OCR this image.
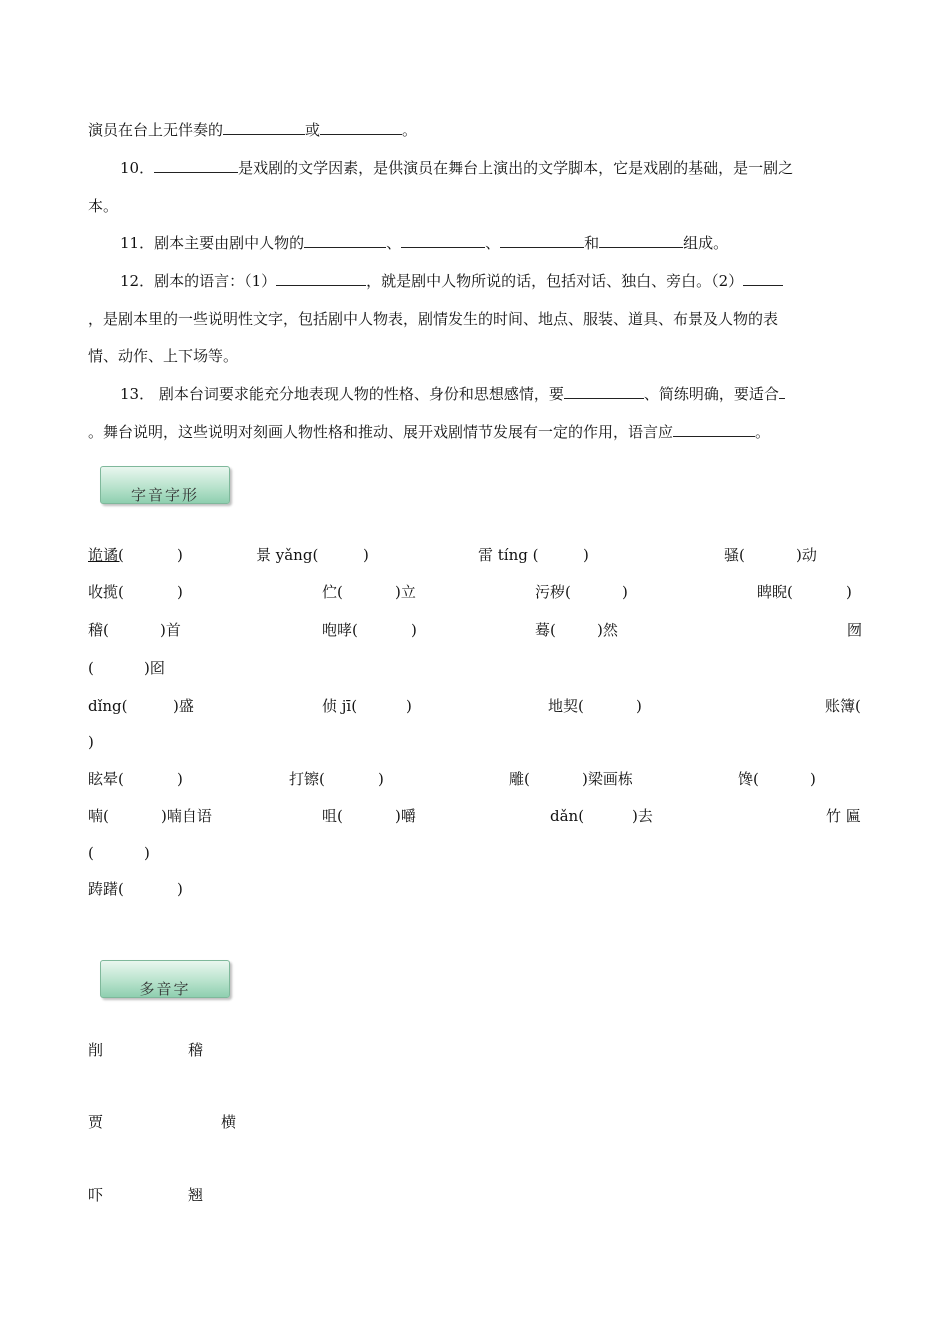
演员在台上无伴奏的	或	。
10．	是戏剧的文学因素，是供演员在舞台上演出的文学脚本，它是戏剧的基础，是一剧之
本。
11．剧本主要由剧中人物的	、	、	和	组成。
12．剧本的语言：（1）	，就是剧中人物所说的话，包括对话、独白、旁白。（2）
，是剧本里的一些说明性文字，包括剧中人物表，剧情发生的时间、地点、服装、道具、布景及人物的表
情、动作、上下场等。
13． 剧本台词要求能充分地表现人物的性格、身份和思想感情，要	、简练明确，要适合
。舞台说明，这些说明对刻画人物性格和推动、展开戏剧情节发展有一定的作用，语言应	。
字音字形
诡谲(	)	景 yǎng(	)	雷 tíng (	)	骚(	)动
收揽(	)	伫(	)立	污秽(	)	睥睨(	)
稽(	)首	咆哮(	)	蓦(	)然	囫
(	)囵
dǐng(	)盛	侦 jī(	)	地契(	)	账簿(
)
眩晕(	)	打镲(	)	雕(	)梁画栋	馋(	)
喃(	)喃自语	咀(	)嚼	dǎn(	)去	竹 匾
(	)
踌躇(	)
多音字
削	稽
贾	横
吓	翘
